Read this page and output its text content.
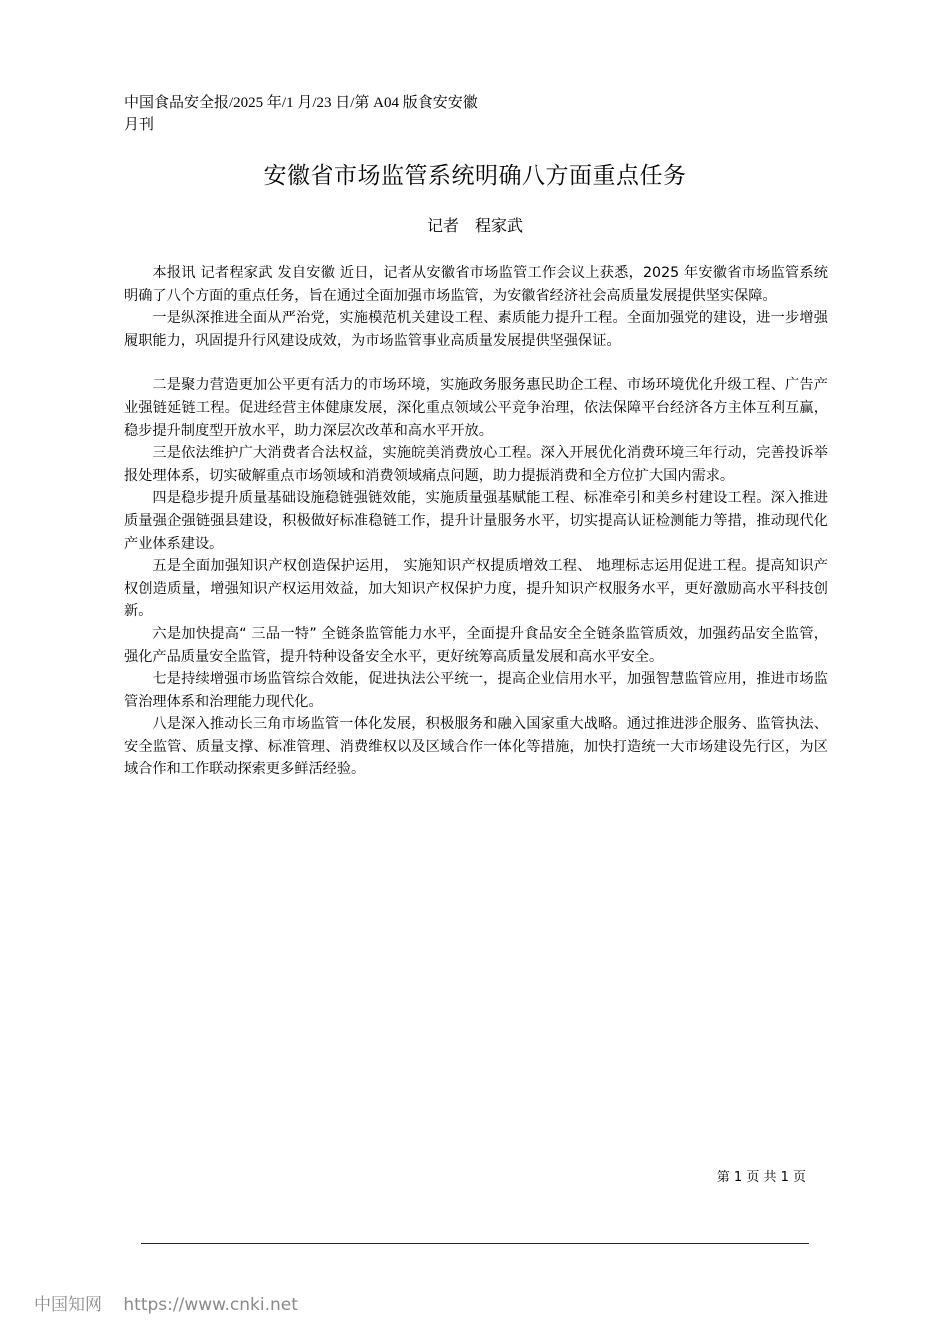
中国食品安全报/2025 年/1 月/23 日/第 A04 版食安安徽月刊
安徽省市场监管系统明确八方面重点任务
记者　程家武

本报讯 记者程家武 发自安徽 近日，记者从安徽省市场监管工作会议上获悉，2025 年安徽省市场监管系统明确了八个方面的重点任务，旨在通过全面加强市场监管，为安徽省经济社会高质量发展提供坚实保障。

一是纵深推进全面从严治党，实施模范机关建设工程、素质能力提升工程。全面加强党的建设，进一步增强履职能力，巩固提升行风建设成效，为市场监管事业高质量发展提供坚强保证。

二是聚力营造更加公平更有活力的市场环境，实施政务服务惠民助企工程、市场环境优化升级工程、广告产业强链延链工程。促进经营主体健康发展，深化重点领域公平竞争治理，依法保障平台经济各方主体互利互赢，稳步提升制度型开放水平，助力深层次改革和高水平开放。

三是依法维护广大消费者合法权益，实施皖美消费放心工程。深入开展优化消费环境三年行动，完善投诉举报处理体系，切实破解重点市场领域和消费领域痛点问题，助力提振消费和全方位扩大国内需求。

四是稳步提升质量基础设施稳链强链效能，实施质量强基赋能工程、标准牵引和美乡村建设工程。深入推进质量强企强链强县建设，积极做好标准稳链工作，提升计量服务水平，切实提高认证检测能力等措，推动现代化产业体系建设。

五是全面加强知识产权创造保护运用， 实施知识产权提质增效工程、 地理标志运用促进工程。提高知识产权创造质量，增强知识产权运用效益，加大知识产权保护力度，提升知识产权服务水平，更好激励高水平科技创新。

六是加快提高“ 三品一特” 全链条监管能力水平，全面提升食品安全全链条监管质效，加强药品安全监管，强化产品质量安全监管，提升特种设备安全水平，更好统筹高质量发展和高水平安全。

七是持续增强市场监管综合效能，促进执法公平统一，提高企业信用水平，加强智慧监管应用，推进市场监管治理体系和治理能力现代化。

八是深入推动长三角市场监管一体化发展，积极服务和融入国家重大战略。通过推进涉企服务、监管执法、安全监管、质量支撑、标准管理、消费维权以及区域合作一体化等措施，加快打造统一大市场建设先行区，为区域合作和工作联动探索更多鲜活经验。

第 1 页 共 1 页
中国知网 https://www.cnki.net
